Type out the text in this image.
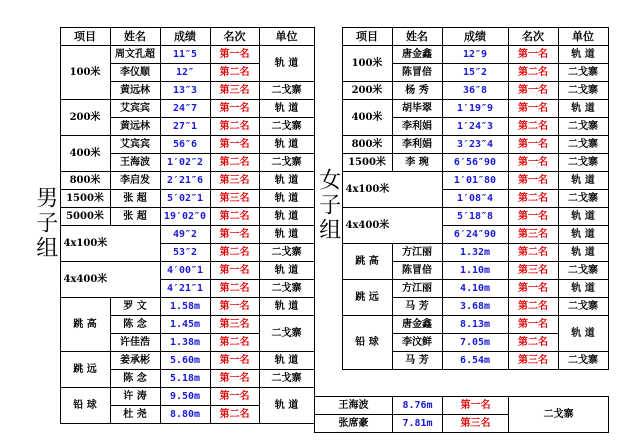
男子组	项目	姓名	成绩	名次	单位
	100米	周文孔超	11″5	第一名	轨 道
		李仪顺	12″	第二名	
		黄远林	13″3	第三名	二戈寨
	200米	艾宾宾	24″7	第一名	轨 道
		黄远林	27″1	第二名	二戈寨
	400米	艾宾宾	56″6	第一名	轨 道
		王海波	1′02″2	第二名	二戈寨
	800米	李启发	2′21″6	第三名	轨 道
	1500米	张 超	5′02″1	第三名	轨 道
	5000米	张 超	19′02″0	第二名	轨 道
	4x100米		49″2	第一名	轨 道
			53″2	第二名	二戈寨
	4x400米		4′00″1	第一名	轨 道
			4′21″1	第二名	二戈寨
	跳 高	罗 文	1.58m	第一名	轨 道
		陈 念	1.45m	第三名	二戈寨
		许佳浩	1.38m	第二名	
	跳 远	姜承彬	5.60m	第一名	轨 道
		陈 念	5.18m	第一名	二戈寨
	铅 球	许 涛	9.50m	第一名	轨 道
		杜 尧	8.80m	第二名	
女子组	项目	姓名	成绩	名次	单位
	100米	唐金鑫	12″9	第一名	轨 道
		陈冒倍	15″2	第二名	二戈寨
	200米	杨 秀	36″8	第一名	二戈寨
	400米	胡毕翠	1′19″9	第一名	轨 道
		李利娟	1′24″3	第二名	二戈寨
	800米	李利娟	3′23″4	第一名	二戈寨
	1500米	李 琬	6′56″90	第一名	二戈寨
	4x100米		1′01″80	第一名	轨 道
			1′08″4	第二名	二戈寨
	4x400米		5′18″8	第一名	轨 道
			6′24″90	第三名	轨 道
	跳 高	方江丽	1.32m	第二名	轨 道
		陈冒倍	1.10m	第三名	二戈寨
	跳 远	方江丽	4.10m	第一名	轨 道
		马 芳	3.68m	第二名	二戈寨
	铅 球	唐金鑫	8.13m	第一名	轨 道
		李汶鲜	7.05m	第二名	
		马 芳	6.54m	第三名	二戈寨

王海波	8.76m	第一名	二戈寨
张席豪	7.81m	第三名	
